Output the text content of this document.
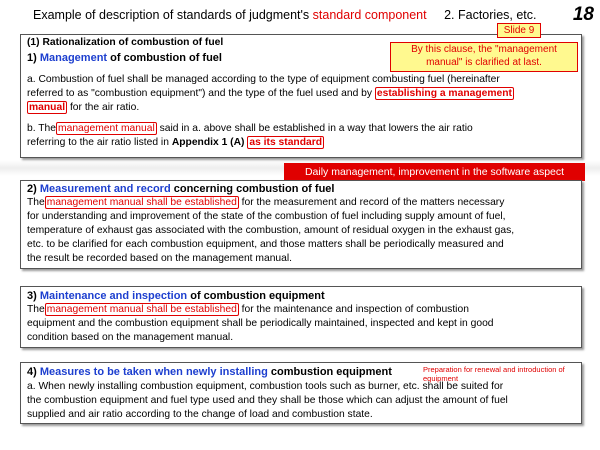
Example of description of standards of judgment's standard component 2. Factories, etc.	18
(1) Rationalization of combustion of fuel
1) Management of combustion of fuel
a. Combustion of fuel shall be managed according to the type of equipment combusting fuel (hereinafter
referred to as "combustion equipment") and the type of the fuel used and by establishing a management
manual for the air ratio.
b. The management manual said in a. above shall be established in a way that lowers the air ratio
referring to the air ratio listed in Appendix 1 (A) as its standard
Slide 9
By this clause, the "management
manual" is clarified at last.
Daily management, improvement in the software aspect
2) Measurement and record concerning combustion of fuel
The management manual shall be established for the measurement and record of the matters necessary
for understanding and improvement of the state of the combustion of fuel including supply amount of fuel,
temperature of exhaust gas associated with the combustion, amount of residual oxygen in the exhaust gas,
etc. to be clarified for each combustion equipment, and those matters shall be periodically measured and
the result be recorded based on the management manual.
3) Maintenance and inspection of combustion equipment
The management manual shall be established for the maintenance and inspection of combustion
equipment and the combustion equipment shall be periodically maintained, inspected and kept in good
condition based on the management manual.
Preparation for renewal and introduction of equipment
4) Measures to be taken when newly installing combustion equipment
a. When newly installing combustion equipment, combustion tools such as burner, etc. shall be suited for
the combustion equipment and fuel type used and they shall be those which can adjust the amount of fuel
supplied and air ratio according to the change of load and combustion state.
